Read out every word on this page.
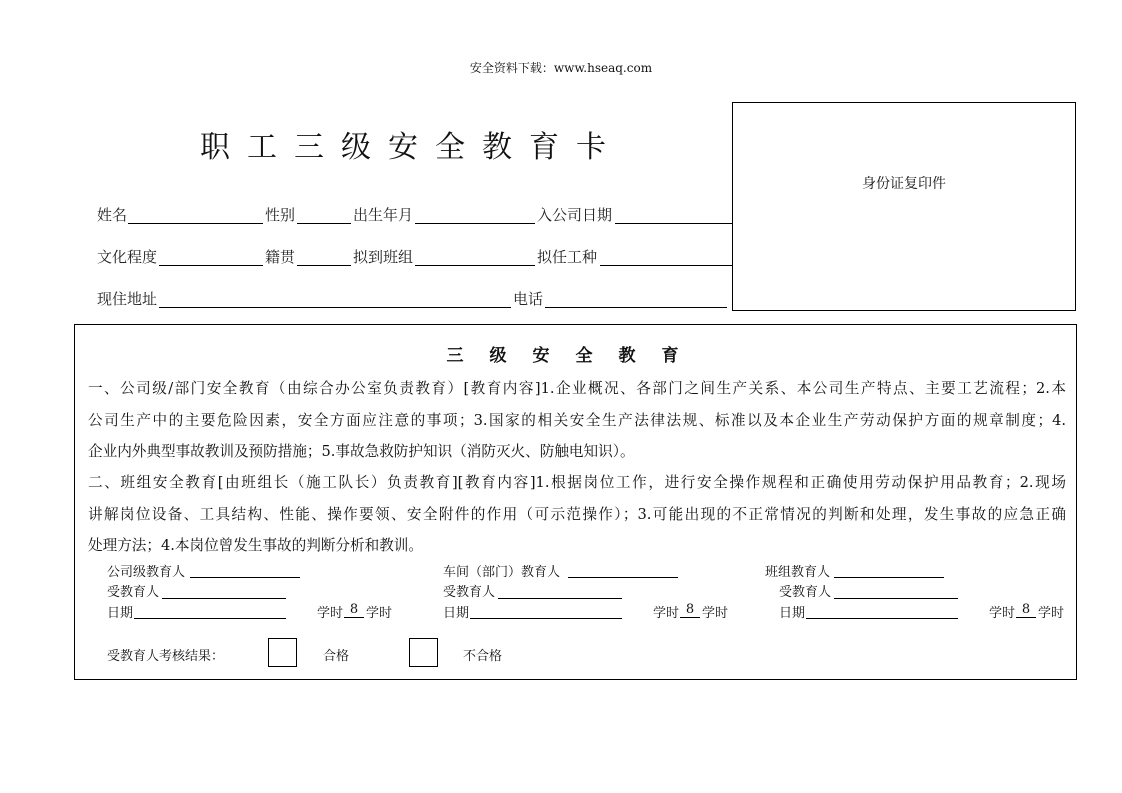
安全资料下载：www.hseaq.com
职工三级安全教育卡
身份证复印件
姓名	性别	出生年月	入公司日期
文化程度	籍贯	拟到班组	拟任工种
现住地址	电话
三级安全教育
一、公司级/部门安全教育（由综合办公室负责教育）[教育内容]1.企业概况、各部门之间生产关系、本公司生产特点、主要工艺流程；2.本
公司生产中的主要危险因素，安全方面应注意的事项；3.国家的相关安全生产法律法规、标准以及本企业生产劳动保护方面的规章制度；4.
企业内外典型事故教训及预防措施；5.事故急救防护知识（消防灭火、防触电知识）。
二、班组安全教育[由班组长（施工队长）负责教育][教育内容]1.根据岗位工作，进行安全操作规程和正确使用劳动保护用品教育；2.现场
讲解岗位设备、工具结构、性能、操作要领、安全附件的作用（可示范操作）；3.可能出现的不正常情况的判断和处理，发生事故的应急正确
处理方法；4.本岗位曾发生事故的判断分析和教训。
公司级教育人	车间（部门）教育人	班组教育人
受教育人	受教育人	受教育人
日期	学时 8 学时	日期	学时 8 学时	日期	学时 8 学时
受教育人考核结果：	合格	不合格
